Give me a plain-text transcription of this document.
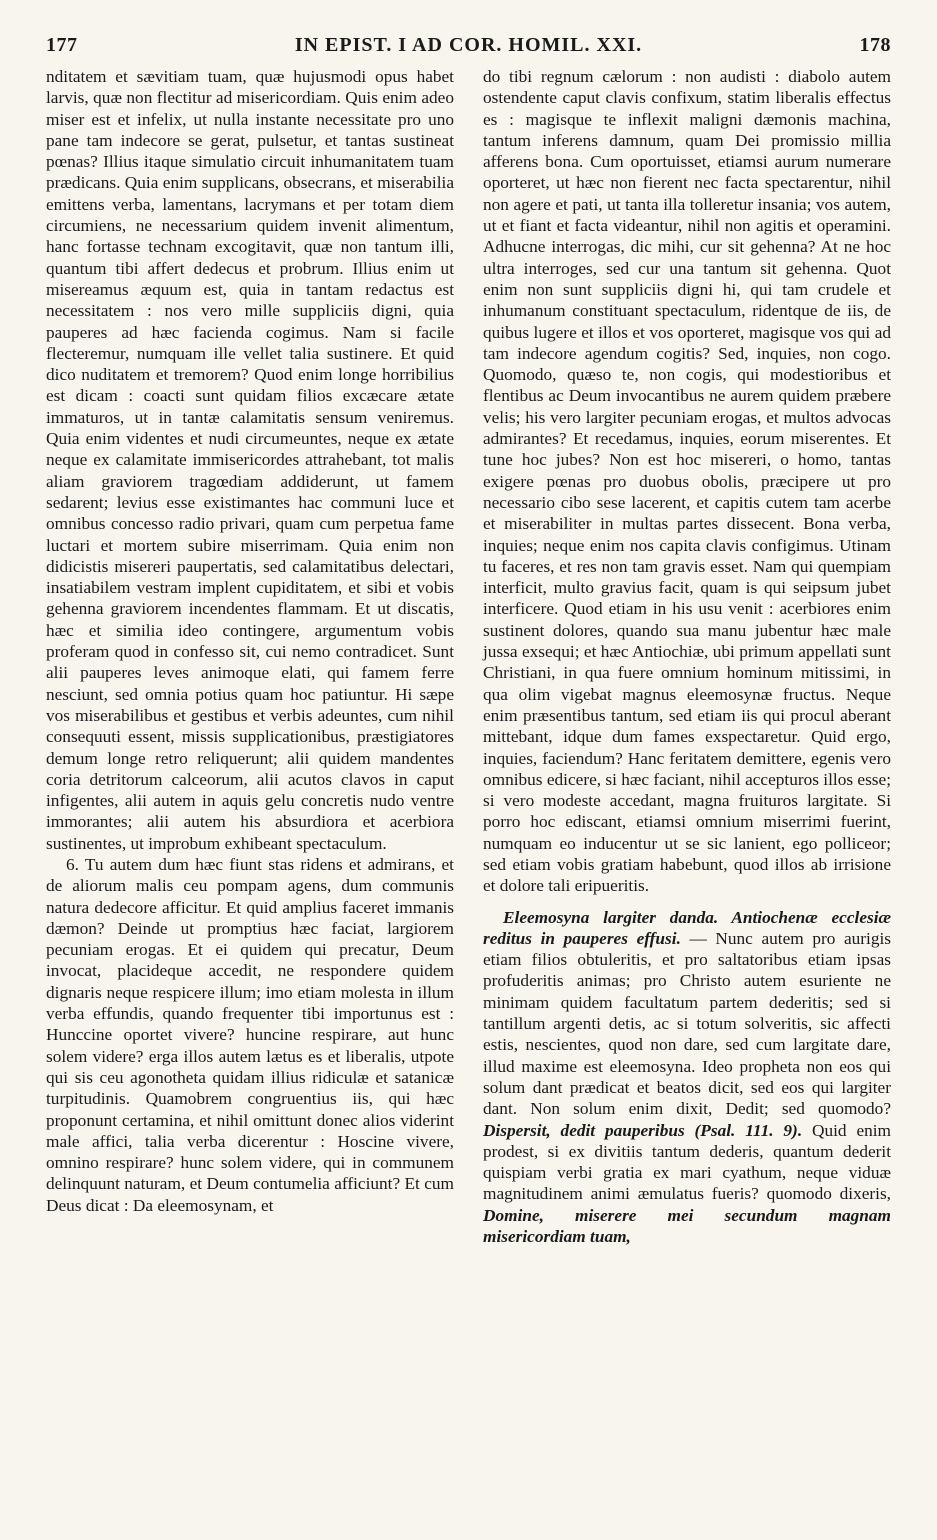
177	IN EPIST. I AD COR. HOMIL. XXI.	178

nditatem et sævitiam tuam, quæ hujusmodi opus habet larvis, quæ non flectitur ad misericordiam. Quis enim adeo miser est et infelix, ut nulla instante necessitate pro uno pane tam indecore se gerat, pulsetur, et tantas sustineat pœnas? Illius itaque simulatio circuit inhumanitatem tuam prædicans. Quia enim supplicans, obsecrans, et miserabilia emittens verba, lamentans, lacrymans et per totam diem circumiens, ne necessarium quidem invenit alimentum, hanc fortasse technam excogitavit, quæ non tantum illi, quantum tibi affert dedecus et probrum. Illius enim ut misereamus æquum est, quia in tantam redactus est necessitatem : nos vero mille suppliciis digni, quia pauperes ad hæc facienda cogimus. Nam si facile flecteremur, numquam ille vellet talia sustinere. Et quid dico nuditatem et tremorem? Quod enim longe horribilius est dicam : coacti sunt quidam filios excæcare ætate immaturos, ut in tantæ calamitatis sensum veniremus. Quia enim videntes et nudi circumeuntes, neque ex ætate neque ex calamitate immisericordes attrahebant, tot malis aliam graviorem tragœdiam addiderunt, ut famem sedarent; levius esse existimantes hac communi luce et omnibus concesso radio privari, quam cum perpetua fame luctari et mortem subire miserrimam. Quia enim non didicistis misereri paupertatis, sed calamitatibus delectari, insatiabilem vestram implent cupiditatem, et sibi et vobis gehenna graviorem incendentes flammam. Et ut discatis, hæc et similia ideo contingere, argumentum vobis proferam quod in confesso sit, cui nemo contradicet. Sunt alii pauperes leves animoque elati, qui famem ferre nesciunt, sed omnia potius quam hoc patiuntur. Hi sæpe vos miserabilibus et gestibus et verbis adeuntes, cum nihil consequuti essent, missis supplicationibus, præstigiatores demum longe retro reliquerunt; alii quidem mandentes coria detritorum calceorum, alii acutos clavos in caput infigentes, alii autem in aquis gelu concretis nudo ventre immorantes; alii autem his absurdiora et acerbiora sustinentes, ut improbum exhibeant spectaculum.

6. Tu autem dum hæc fiunt stas ridens et admirans, et de aliorum malis ceu pompam agens, dum communis natura dedecore afficitur. Et quid amplius faceret immanis dæmon? Deinde ut promptius hæc faciat, largiorem pecuniam erogas. Et ei quidem qui precatur, Deum invocat, placideque accedit, ne respondere quidem dignaris neque respicere illum; imo etiam molesta in illum verba effundis, quando frequenter tibi importunus est : Hunccine oportet vivere? huncine respirare, aut hunc solem videre? erga illos autem lætus es et liberalis, utpote qui sis ceu agonotheta quidam illius ridiculæ et satanicæ turpitudinis. Quamobrem congruentius iis, qui hæc proponunt certamina, et nihil omittunt donec alios viderint male affici, talia verba dicerentur : Hoscine vivere, omnino respirare? hunc solem videre, qui in communem delinquunt naturam, et Deum contumelia afficiunt? Et cum Deus dicat : Da eleemosynam, et

do tibi regnum cælorum : non audisti : diabolo autem ostendente caput clavis confixum, statim liberalis effectus es : magisque te inflexit maligni dæmonis machina, tantum inferens damnum, quam Dei promissio millia afferens bona. Cum oportuisset, etiamsi aurum numerare oporteret, ut hæc non fierent nec facta spectarentur, nihil non agere et pati, ut tanta illa tolleretur insania; vos autem, ut et fiant et facta videantur, nihil non agitis et operamini. Adhucne interrogas, dic mihi, cur sit gehenna? At ne hoc ultra interroges, sed cur una tantum sit gehenna. Quot enim non sunt suppliciis digni hi, qui tam crudele et inhumanum constituant spectaculum, ridentque de iis, de quibus lugere et illos et vos oporteret, magisque vos qui ad tam indecore agendum cogitis? Sed, inquies, non cogo. Quomodo, quæso te, non cogis, qui modestioribus et flentibus ac Deum invocantibus ne aurem quidem præbere velis; his vero largiter pecuniam erogas, et multos advocas admirantes? Et recedamus, inquies, eorum miserentes. Et tune hoc jubes? Non est hoc misereri, o homo, tantas exigere pœnas pro duobus obolis, præcipere ut pro necessario cibo sese lacerent, et capitis cutem tam acerbe et miserabiliter in multas partes dissecent. Bona verba, inquies; neque enim nos capita clavis configimus. Utinam tu faceres, et res non tam gravis esset. Nam qui quempiam interficit, multo gravius facit, quam is qui seipsum jubet interficere. Quod etiam in his usu venit : acerbiores enim sustinent dolores, quando sua manu jubentur hæc male jussa exsequi; et hæc Antiochiæ, ubi primum appellati sunt Christiani, in qua fuere omnium hominum mitissimi, in qua olim vigebat magnus eleemosynæ fructus. Neque enim præsentibus tantum, sed etiam iis qui procul aberant mittebant, idque dum fames exspectaretur. Quid ergo, inquies, faciendum? Hanc feritatem demittere, egenis vero omnibus edicere, si hæc faciant, nihil accepturos illos esse; si vero modeste accedant, magna fruituros largitate. Si porro hoc ediscant, etiamsi omnium miserrimi fuerint, numquam eo inducentur ut se sic lanient, ego polliceor; sed etiam vobis gratiam habebunt, quod illos ab irrisione et dolore tali eripueritis.

Eleemosyna largiter danda. Antiochenæ ecclesiæ reditus in pauperes effusi. — Nunc autem pro aurigis etiam filios obtuleritis, et pro saltatoribus etiam ipsas profuderitis animas; pro Christo autem esuriente ne minimam quidem facultatum partem dederitis; sed si tantillum argenti detis, ac si totum solveritis, sic affecti estis, nescientes, quod non dare, sed cum largitate dare, illud maxime est eleemosyna. Ideo propheta non eos qui solum dant prædicat et beatos dicit, sed eos qui largiter dant. Non solum enim dixit, Dedit; sed quomodo? Dispersit, dedit pauperibus (Psal. 111. 9). Quid enim prodest, si ex divitiis tantum dederis, quantum dederit quispiam verbi gratia ex mari cyathum, neque viduæ magnitudinem animi æmulatus fueris? quomodo dixeris, Domine, miserere mei secundum magnam misericordiam tuam,
